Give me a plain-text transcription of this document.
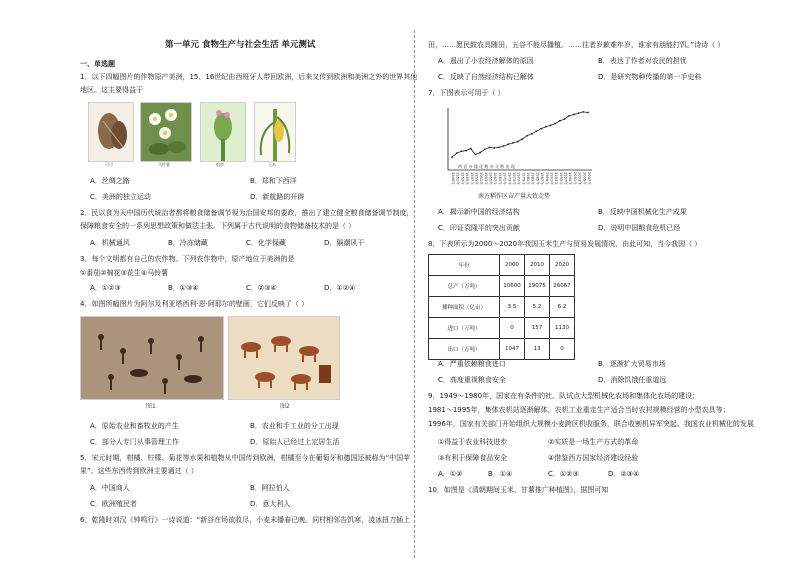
第一单元 食物生产与社会生活 单元测试
一、单选题
1．以下四幅图片的作物原产美洲，15、16世纪由西班牙人带回欧洲，后来又传到欧洲和美洲之外的世界其他
地区。这主要得益于
可可	马铃薯	烟草	玉米
A．丝绸之路	B．郑和下西洋
C．美洲的独立运动	D．新航路的开辟
2．民以食为天中国历代统治者都将粮食储备调节视为治国安邦的要政，推出了建立健全粮食储备调节制度，
保障粮食安全的一系列思想政策和做法主张。下列属于古代说明的食物储备技术的是（ ）
A．机械通风	B．冷冻储藏	C．化学保藏	D．隔潮风干
3．每个文明都有自己的农作物。下列农作物中，原产地位于美洲的是
①番茄②棉花③花生④马铃薯
A．①②③	B．①③④	C．②③④	D．①②④
4．如图所幅图片为阿尔及利亚塔西利·恩·阿耶尔的壁画，它们反映了（ ）
图1	图2
A．原始农业和畜牧业的产生	B．农业和手工业的分工出现
C．部分人专门从事管理工作	D．原始人已经过上定居生活
5．宋元时期，柑橘、柠檬、菊花等水果和植物从中国传到欧洲，柑橘至今在葡萄牙和德国还被称为“中国苹
果”。这些东西传到欧洲主要通过（ ）
A．中国商人	B．阿拉伯人
C．欧洲殖民者	D．意大利人
6．乾隆时刘汉《钟鸣行》一诗说道：“新谷在场欲收尽，小麦未播春已晚。同村相邻告饥寒，凌冰扭刀插上
田，……愿民鼓农具随田，五谷不能尽播植。……往者岁歉难年岁，谁家有朋能打饥。”诗诗（ ）
A．遏出了小农经济解体的原因	B．表达了作者对农民的担忧
C．反映了自然经济结构已解体	D．是研究物种传播的第一手史料
7．下图表示可用于（ ）
1949年 1951年 1953年 1955年 1957年 1959年 1961年 1963年 1965年 1967年 1969年 1971年 1973年 1975年 1977年 1979年 1981年 1983年 1985年 1987年 1989年 1991年 1993年 1995年 1997年 1999年 2001年 2003年 2005年 2007年
两 袁 杂 矮 化 稻 杂 交 稻 出 现
南方稻作区亩产量大致走势
A．揭示新中国的经济结构	B．反映中国机械化生产成果
C．印证袁隆平的突出贡献	D．说明中国粮食危机已经
8．下表所示为2000～2020年我国玉米生产与贸易发展情况，由此可知，当今我国（ ）
年份	2000	2010	2020
总产（万吨）	10600	19075	26067
播种面积（亿亩）	3.5	5.2	6.2
进口（万吨）	0	157	1130
出口（万吨）	1047	13	0
A．严重依赖粮食进口	B．逐渐扩大贸易市场
C．高度重视粮食安全	D．消除饥饿任重道远
9．1949～1980年，国家在有条件的社、队试点大型机械化农场和集体化农场的建设；
1981～1995年，集体农机站逐渐解体，农机工业重走生产适合当时农村规模经营的小型农具等；
1996年，国家有关部门开始组织大规模小麦跨区机收服务，联合收割机异军突起。我国农业机械化的发展
①得益于农业科技进步	②实质是一场生产方式的革命
③有利于保障食品安全	④借鉴西方国家经济建设经验
A．①②	B．①④	C．①②③	D．②③④
10．如图是《清朝期间玉米、甘薯推广种植图》，据图可知
